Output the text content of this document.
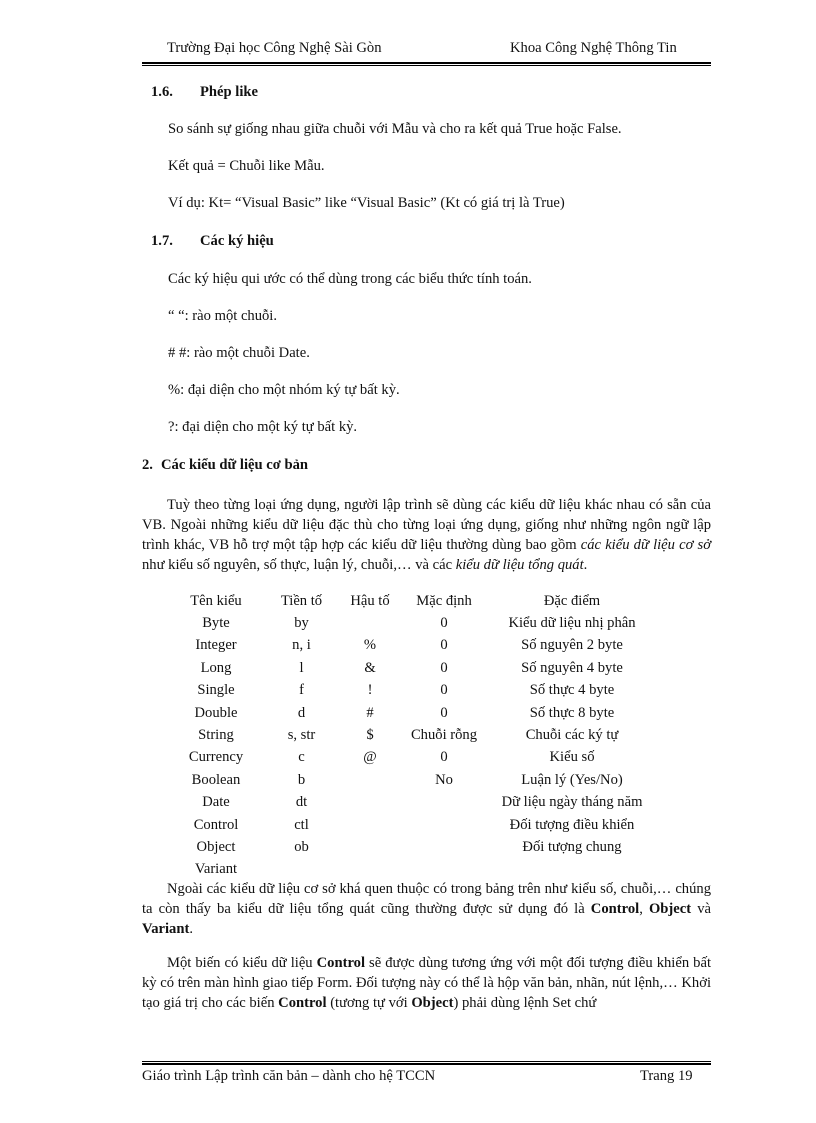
Trường Đại học Công Nghệ Sài Gòn	Khoa Công Nghệ Thông Tin
1.6. Phép like
So sánh sự giống nhau giữa chuỗi với Mẫu và cho ra kết quả True hoặc False.
Kết quả = Chuỗi like Mẫu.
Ví dụ: Kt= “Visual Basic” like “Visual Basic” (Kt có giá trị là True)
1.7. Các ký hiệu
Các ký hiệu qui ước có thể dùng trong các biểu thức tính toán.
“ “: rào một chuỗi.
# #: rào một chuỗi Date.
%: đại diện cho một nhóm ký tự bất kỳ.
?: đại diện cho một ký tự bất kỳ.
2. Các kiểu dữ liệu cơ bản
Tuỳ theo từng loại ứng dụng, người lập trình sẽ dùng các kiểu dữ liệu khác nhau có sẵn của VB. Ngoài những kiểu dữ liệu đặc thù cho từng loại ứng dụng, giống như những ngôn ngữ lập trình khác, VB hỗ trợ một tập hợp các kiểu dữ liệu thường dùng bao gồm các kiểu dữ liệu cơ sở như kiểu số nguyên, số thực, luận lý, chuỗi,… và các kiểu dữ liệu tổng quát.
Tên kiểu	Tiền tố	Hậu tố	Mặc định	Đặc điểm
Byte	by		0	Kiểu dữ liệu nhị phân
Integer	n, i	%	0	Số nguyên 2 byte
Long	l	&	0	Số nguyên 4 byte
Single	f	!	0	Số thực 4 byte
Double	d	#	0	Số thực 8 byte
String	s, str	$	Chuỗi rỗng	Chuỗi các ký tự
Currency	c	@	0	Kiểu số
Boolean	b		No	Luận lý (Yes/No)
Date	dt			Dữ liệu ngày tháng năm
Control	ctl			Đối tượng điều khiển
Object	ob			Đối tượng chung
Variant				
Ngoài các kiểu dữ liệu cơ sở khá quen thuộc có trong bảng trên như kiểu số, chuỗi,… chúng ta còn thấy ba kiểu dữ liệu tổng quát cũng thường được sử dụng đó là Control, Object và Variant.
Một biến có kiểu dữ liệu Control sẽ được dùng tương ứng với một đối tượng điều khiển bất kỳ có trên màn hình giao tiếp Form. Đối tượng này có thể là hộp văn bản, nhãn, nút lệnh,… Khởi tạo giá trị cho các biến Control (tương tự với Object) phải dùng lệnh Set chứ
Giáo trình Lập trình căn bản – dành cho hệ TCCN	Trang 19
